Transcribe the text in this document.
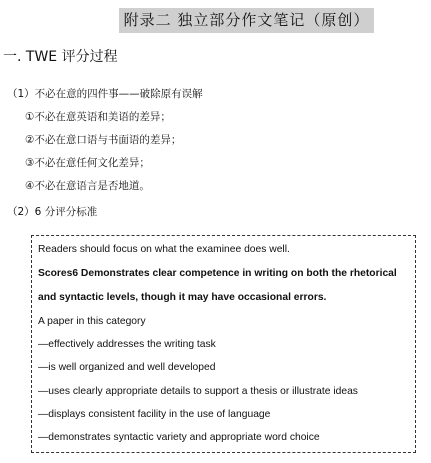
附录二 独立部分作文笔记（原创）
一. TWE 评分过程
（1）不必在意的四件事——破除原有误解
①不必在意英语和美语的差异；
②不必在意口语与书面语的差异；
③不必在意任何文化差异；
④不必在意语言是否地道。
（2）6 分评分标准
Readers should focus on what the examinee does well.
Scores6 Demonstrates clear competence in writing on both the rhetorical
and syntactic levels, though it may have occasional errors.
A paper in this category
—effectively addresses the writing task
—is well organized and well developed
—uses clearly appropriate details to support a thesis or illustrate ideas
—displays consistent facility in the use of language
—demonstrates syntactic variety and appropriate word choice
